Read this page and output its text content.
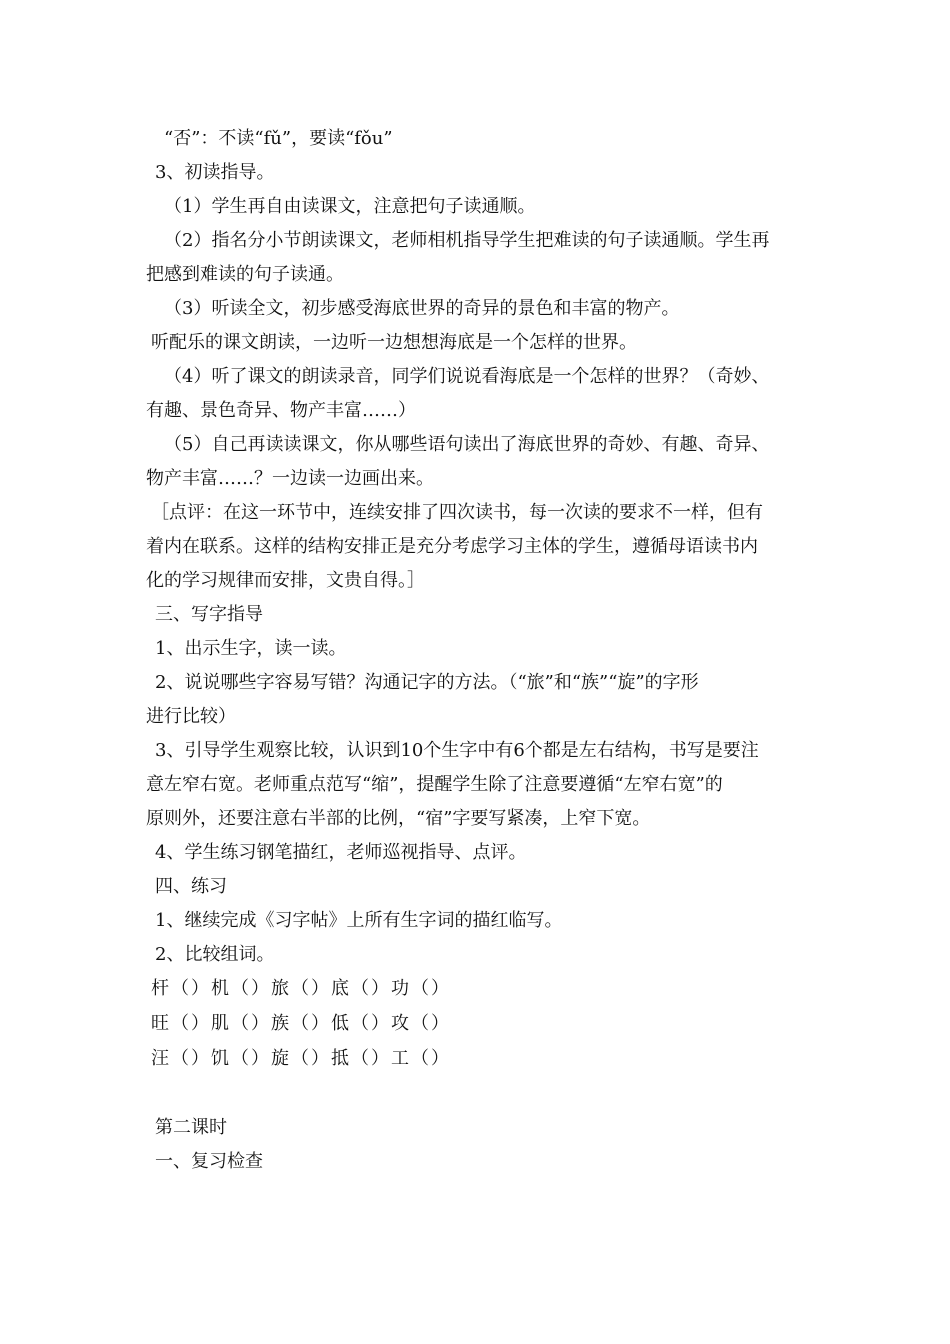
“否”：不读“fǔ”，要读“fǒu”
3、初读指导。
（1）学生再自由读课文，注意把句子读通顺。
（2）指名分小节朗读课文，老师相机指导学生把难读的句子读通顺。学生再
把感到难读的句子读通。
（3）听读全文，初步感受海底世界的奇异的景色和丰富的物产。
听配乐的课文朗读，一边听一边想想海底是一个怎样的世界。
（4）听了课文的朗读录音，同学们说说看海底是一个怎样的世界？（奇妙、
有趣、景色奇异、物产丰富……）
（5）自己再读读课文，你从哪些语句读出了海底世界的奇妙、有趣、奇异、
物产丰富……？一边读一边画出来。
［点评：在这一环节中，连续安排了四次读书，每一次读的要求不一样，但有
着内在联系。这样的结构安排正是充分考虑学习主体的学生，遵循母语读书内
化的学习规律而安排，文贵自得。］
三、写字指导
1、出示生字，读一读。
2、说说哪些字容易写错？沟通记字的方法。（“旅”和“族”“旋”的字形
进行比较）
3、引导学生观察比较，认识到10个生字中有6个都是左右结构，书写是要注
意左窄右宽。老师重点范写“缩”，提醒学生除了注意要遵循“左窄右宽”的
原则外，还要注意右半部的比例，“宿”字要写紧凑，上窄下宽。
4、学生练习钢笔描红，老师巡视指导、点评。
四、练习
1、继续完成《习字帖》上所有生字词的描红临写。
2、比较组词。
杆（）机（）旅（）底（）功（）
旺（）肌（）族（）低（）攻（）
汪（）饥（）旋（）抵（）工（）
第二课时
一、复习检查
